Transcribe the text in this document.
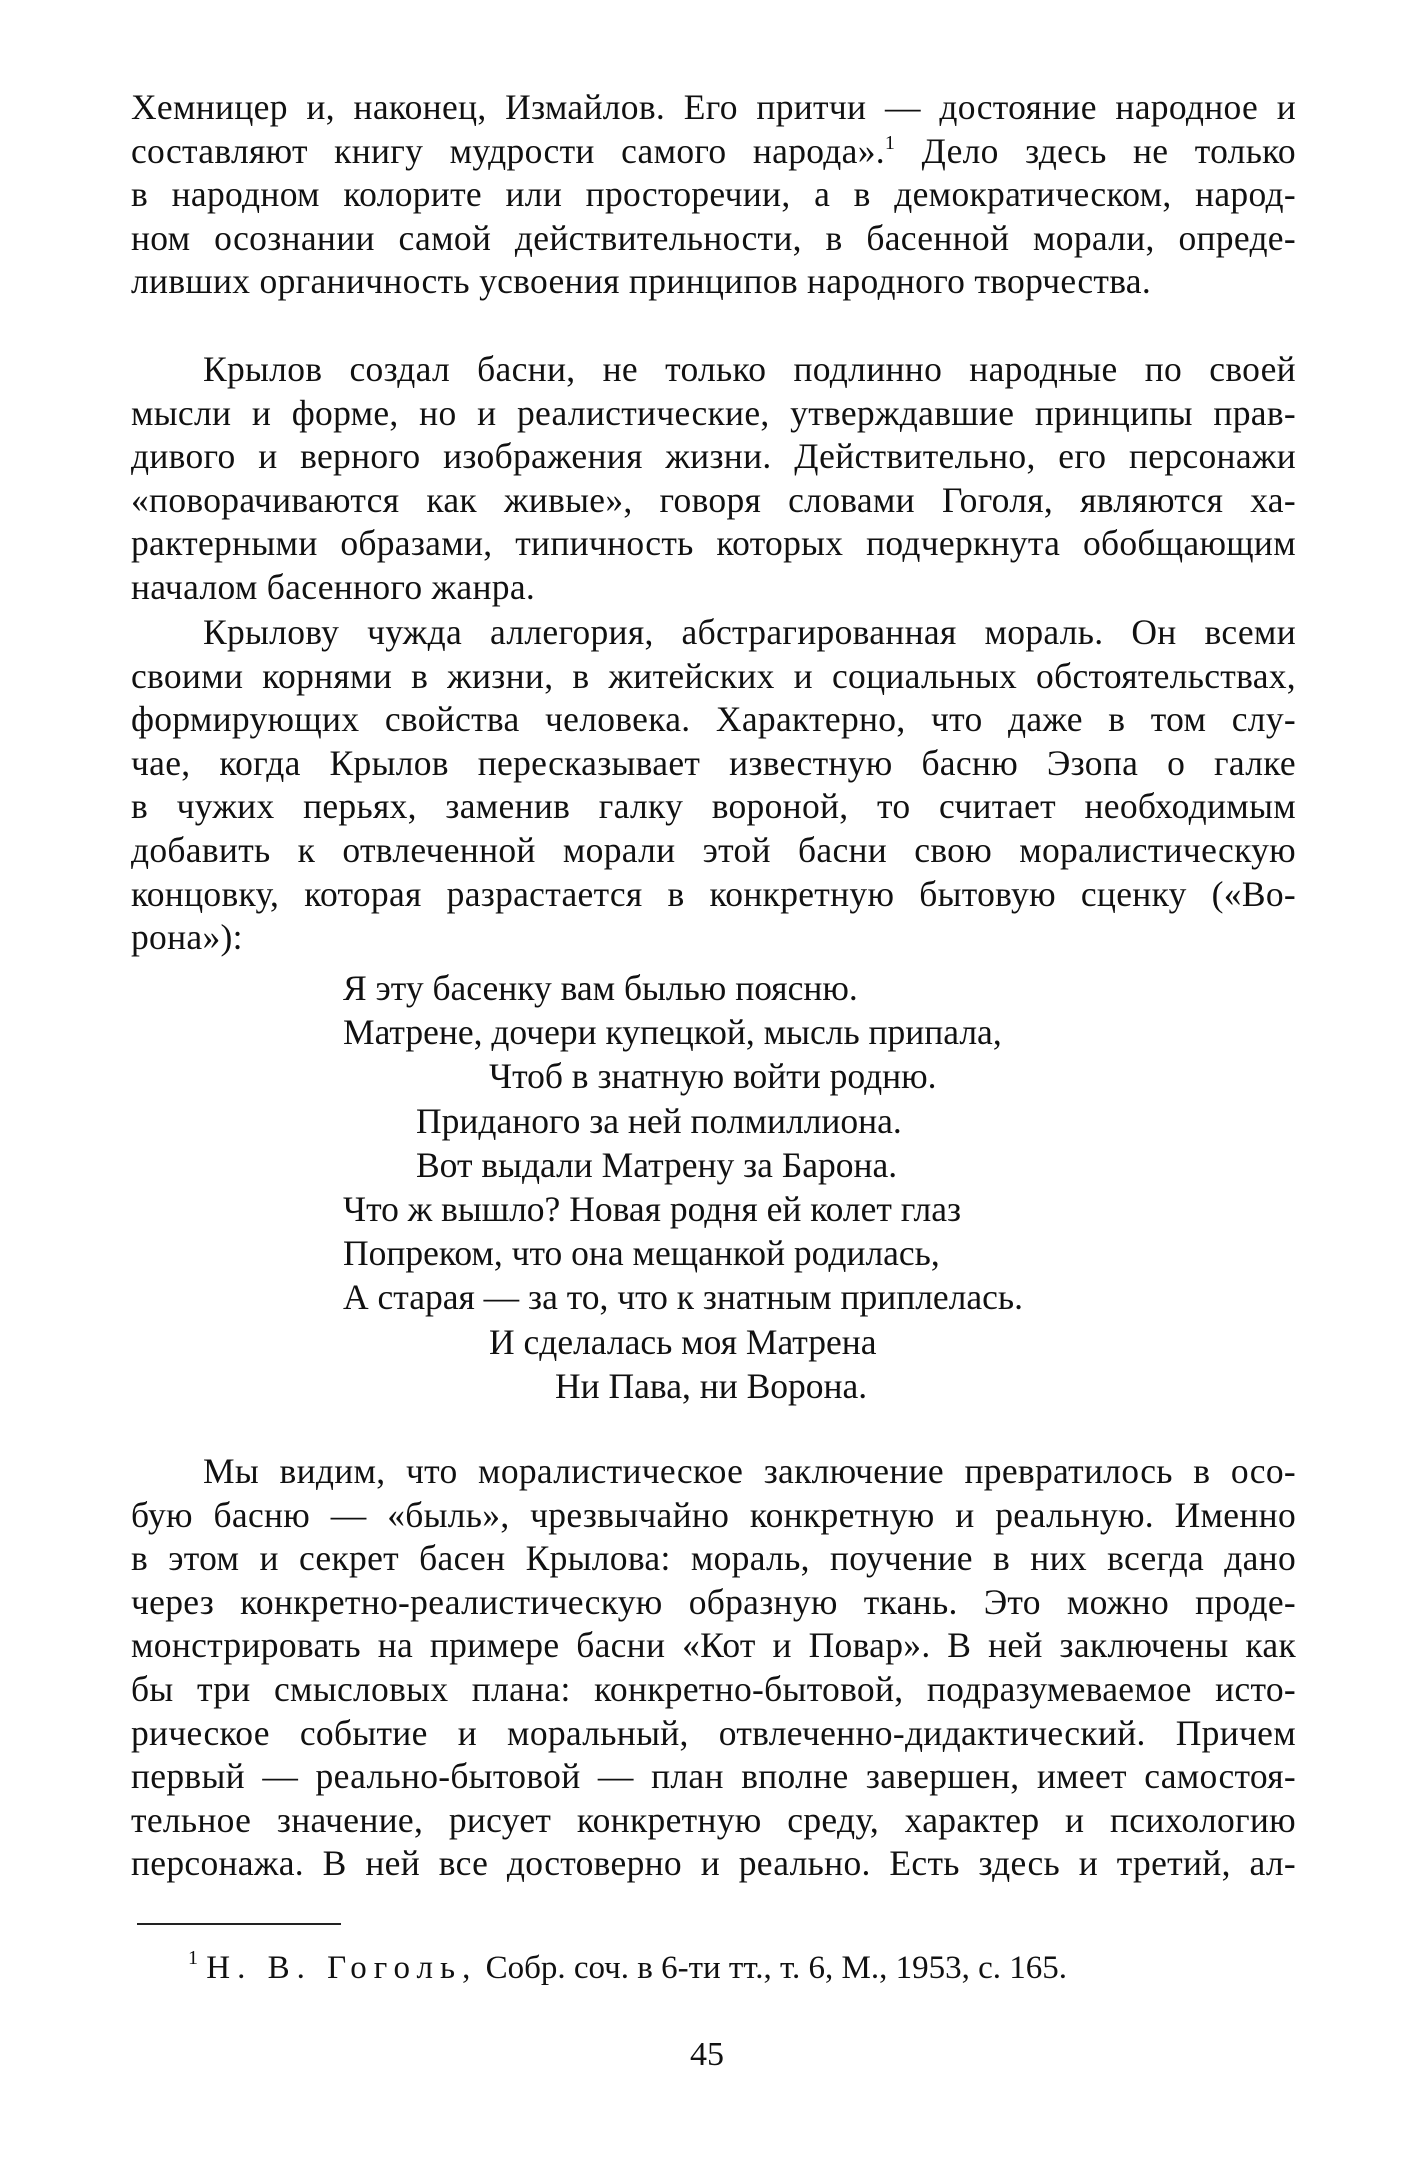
Хемницер и, наконец, Измайлов. Его притчи — достояние народное и
составляют книгу мудрости самого народа».$^1$ Дело здесь не только
в народном колорите или просторечии, а в демократическом, народ-
ном осознании самой действительности, в басенной морали, опреде-
ливших органичность усвоения принципов народного творчества.
Крылов создал басни, не только подлинно народные по своей
мысли и форме, но и реалистические, утверждавшие принципы прав-
дивого и верного изображения жизни. Действительно, его персонажи
«поворачиваются как живые», говоря словами Гоголя, являются ха-
рактерными образами, типичность которых подчеркнута обобщающим
началом басенного жанра.
Крылову чужда аллегория, абстрагированная мораль. Он всеми
своими корнями в жизни, в житейских и социальных обстоятельствах,
формирующих свойства человека. Характерно, что даже в том слу-
чае, когда Крылов пересказывает известную басню Эзопа о галке
в чужих перьях, заменив галку вороной, то считает необходимым
добавить к отвлеченной морали этой басни свою моралистическую
концовку, которая разрастается в конкретную бытовую сценку («Во-
рона»):
Я эту басенку вам былью поясню.
Матрене, дочери купецкой, мысль припала,
Чтоб в знатную войти родню.
Приданого за ней полмиллиона.
Вот выдали Матрену за Барона.
Что ж вышло? Новая родня ей колет глаз
Попреком, что она мещанкой родилась,
А старая — за то, что к знатным приплелась.
И сделалась моя Матрена
Ни Пава, ни Ворона.
Мы видим, что моралистическое заключение превратилось в осо-
бую басню — «быль», чрезвычайно конкретную и реальную. Именно
в этом и секрет басен Крылова: мораль, поучение в них всегда дано
через конкретно-реалистическую образную ткань. Это можно проде-
монстрировать на примере басни «Кот и Повар». В ней заключены как
бы три смысловых плана: конкретно-бытовой, подразумеваемое исто-
рическое событие и моральный, отвлеченно-дидактический. Причем
первый — реально-бытовой — план вполне завершен, имеет самостоя-
тельное значение, рисует конкретную среду, характер и психологию
персонажа. В ней все достоверно и реально. Есть здесь и третий, ал-
$^1$ Н. В. Гоголь, Собр. соч. в 6-ти тт., т. 6, М., 1953, с. 165.
45
